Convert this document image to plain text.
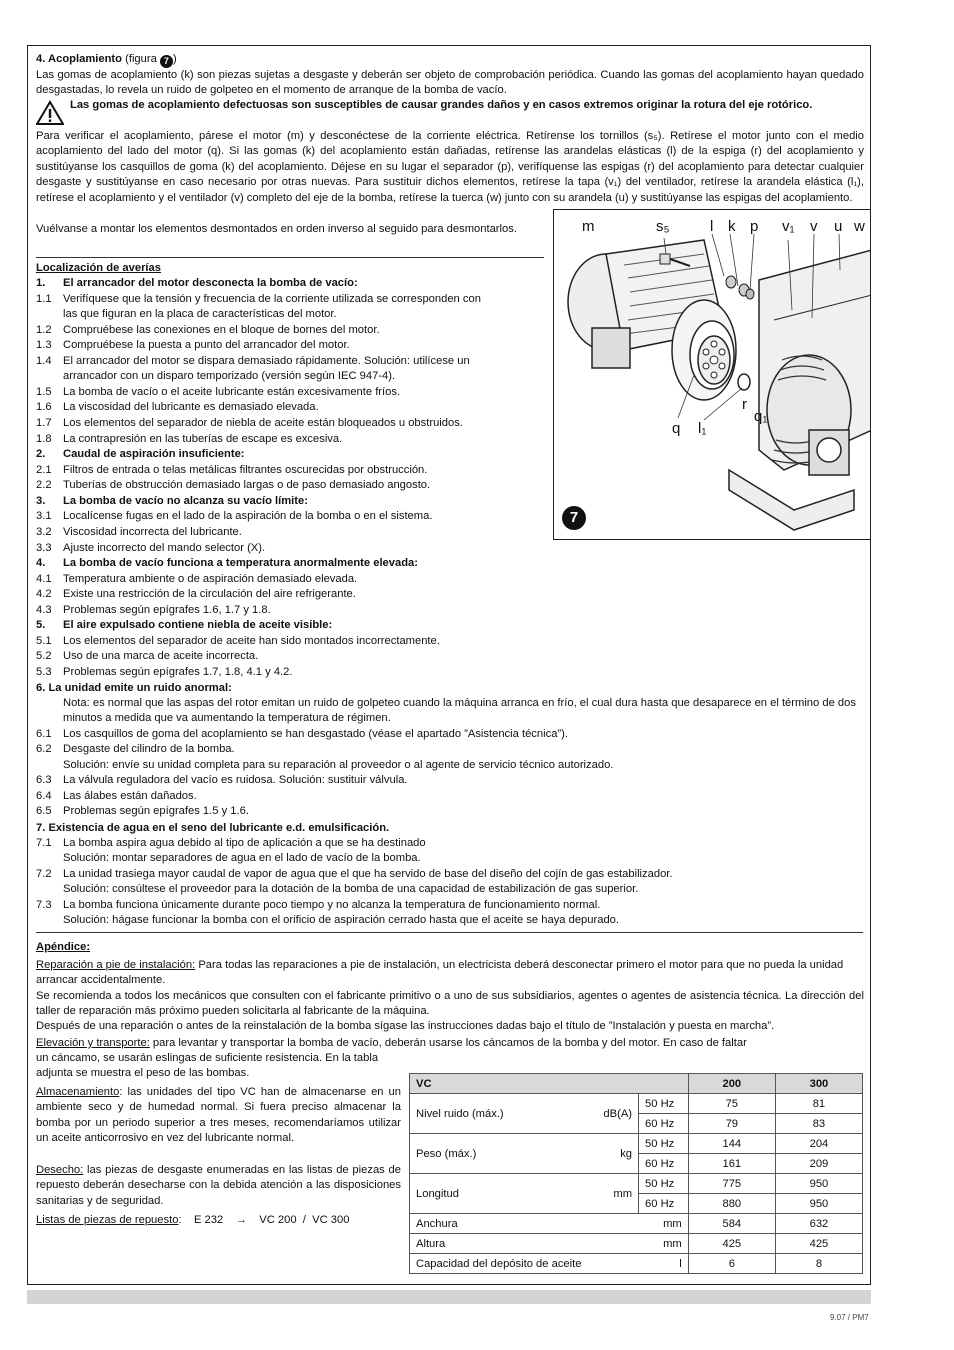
4. Acoplamiento (figura 7 )

Las gomas de acoplamiento (k) son piezas sujetas a desgaste y deberán ser objeto de comprobación periódica. Cuando las gomas del acoplamiento hayan quedado desgastadas, lo revela un ruido de golpeteo en el momento de arranque de la bomba de vacío.

Las gomas de acoplamiento defectuosas son susceptibles de causar grandes daños y en casos extremos originar la rotura del eje rotórico.

Para verificar el acoplamiento, párese el motor (m) y desconéctese de la corriente eléctrica. Retírense los tornillos (s₅). Retírese el motor junto con el medio acoplamiento del lado del motor (q). Si las gomas (k) del acoplamiento están dañadas, retírense las arandelas elásticas (l) de la espiga (r) del acoplamiento y sustitúyanse los casquillos de goma (k) del acoplamiento. Déjese en su lugar el separador (p), verifíquense las espigas (r) del acoplamiento para detectar cualquier desgaste y sustitúyanse en caso necesario por otras nuevas. Para sustituir dichos elementos, retírese la tapa (v₁) del ventilador, retírese la arandela elástica (l₁), retírese el acoplamiento y el ventilador (v) completo del eje de la bomba, retírese la tuerca (w) junto con su arandela (u) y sustitúyanse las espigas del acoplamiento.

Vuélvanse a montar los elementos desmontados en orden inverso al seguido para desmontarlos.	m	s₅	l k p v₁ v u w
r
q₁
q l₁
7
Localización de averías
1. El arrancador del motor desconecta la bomba de vacío:
1.1 Verifíquese que la tensión y frecuencia de la corriente utilizada se corresponden con
las que figuran en la placa de características del motor.
1.2 Compruébese las conexiones en el bloque de bornes del motor.
1.3 Compruébese la puesta a punto del arrancador del motor.
1.4 El arrancador del motor se dispara demasiado rápidamente. Solución: utilícese un
arrancador con un disparo temporizado (versión según IEC 947-4).
1.5 La bomba de vacío o el aceite lubricante están excesivamente fríos.
1.6 La viscosidad del lubricante es demasiado elevada.
1.7 Los elementos del separador de niebla de aceite están bloqueados u obstruidos.
1.8 La contrapresión en las tuberías de escape es excesiva.
2. Caudal de aspiración insuficiente:
2.1 Filtros de entrada o telas metálicas filtrantes oscurecidas por obstrucción.
2.2 Tuberías de obstrucción demasiado largas o de paso demasiado angosto.
3. La bomba de vacío no alcanza su vacío límite:
3.1 Localícense fugas en el lado de la aspiración de la bomba o en el sistema.
3.2 Viscosidad incorrecta del lubricante.
3.3 Ajuste incorrecto del mando selector (X).
4. La bomba de vacío funciona a temperatura anormalmente elevada:
4.1 Temperatura ambiente o de aspiración demasiado elevada.
4.2 Existe una restricción de la circulación del aire refrigerante.
4.3 Problemas según epígrafes 1.6, 1.7 y 1.8.
5. El aire expulsado contiene niebla de aceite visible:
5.1 Los elementos del separador de aceite han sido montados incorrectamente.
5.2 Uso de una marca de aceite incorrecta.
5.3 Problemas según epígrafes 1.7, 1.8, 4.1 y 4.2.
6. La unidad emite un ruido anormal:

Nota: es normal que las aspas del rotor emitan un ruido de golpeteo cuando la máquina arranca en frío, el cual dura hasta que desaparece en el término de dos minutos a medida que va aumentando la temperatura de régimen.

6.1 Los casquillos de goma del acoplamiento se han desgastado (véase el apartado ”Asistencia técnica”).
6.2 Desgaste del cilindro de la bomba.
Solución: envíe su unidad completa para su reparación al proveedor o al agente de servicio técnico autorizado.
6.3 La válvula reguladora del vacío es ruidosa. Solución: sustituir válvula.
6.4 Las álabes están dañados.
6.5 Problemas según epígrafes 1.5 y 1.6.
7. Existencia de agua en el seno del lubricante e.d. emulsificación.
7.1 La bomba aspira agua debido al tipo de aplicación a que se ha destinado
Solución: montar separadores de agua en el lado de vacío de la bomba.
7.2 La unidad trasiega mayor caudal de vapor de agua que el que ha servido de base del diseño del cojín de gas estabilizador.
Solución: consúltese el proveedor para la dotación de la bomba de una capacidad de estabilización de gas superior.
7.3 La bomba funciona únicamente durante poco tiempo y no alcanza la temperatura de funcionamiento normal.
Solución: hágase funcionar la bomba con el orificio de aspiración cerrado hasta que el aceite se haya depurado.
Apéndice:

Reparación a pie de instalación: Para todas las reparaciones a pie de instalación, un electricista deberá desconectar primero el motor para que no pueda la unidad arrancar accidentalmente.

Se recomienda a todos los mecánicos que consulten con el fabricante primitivo o a uno de sus subsidiarios, agentes o agentes de asistencia técnica. La dirección del taller de reparación más próximo pueden solicitarla al fabricante de la máquina.

Después de una reparación o antes de la reinstalación de la bomba sígase las instrucciones dadas bajo el título de ”Instalación y puesta en marcha”.

Elevación y transporte: para levantar y transportar la bomba de vacío, deberán usarse los cáncamos de la bomba y del motor. En caso de faltar

un cáncamo, se usarán eslingas de suficiente resistencia. En la tabla adjunta se muestra el peso de las bombas.

Almacenamiento: las unidades del tipo VC han de almacenarse en un ambiente seco y de humedad normal. Si fuera preciso almacenar la bomba por un periodo superior a tres meses, recomendaríamos utilizar un aceite anticorrosivo en vez del lubricante normal.

Desecho: las piezas de desgaste enumeradas en las listas de piezas de repuesto deberán desecharse con la debida atención a las disposiciones sanitarias y de seguridad.

Listas de piezas de repuesto:    E 232    →    VC 200  /  VC 300

VC			200	300
Nivel ruido (máx.)	dB(A)	50 Hz	75	81
		60 Hz	79	83
Peso (máx.)	kg	50 Hz	144	204
		60 Hz	161	209
Longitud	mm	50 Hz	775	950
		60 Hz	880	950
Anchura	mm		584	632
Altura	mm		425	425
Capacidad del depósito de aceite	l		6	8
9.07 / PM7
